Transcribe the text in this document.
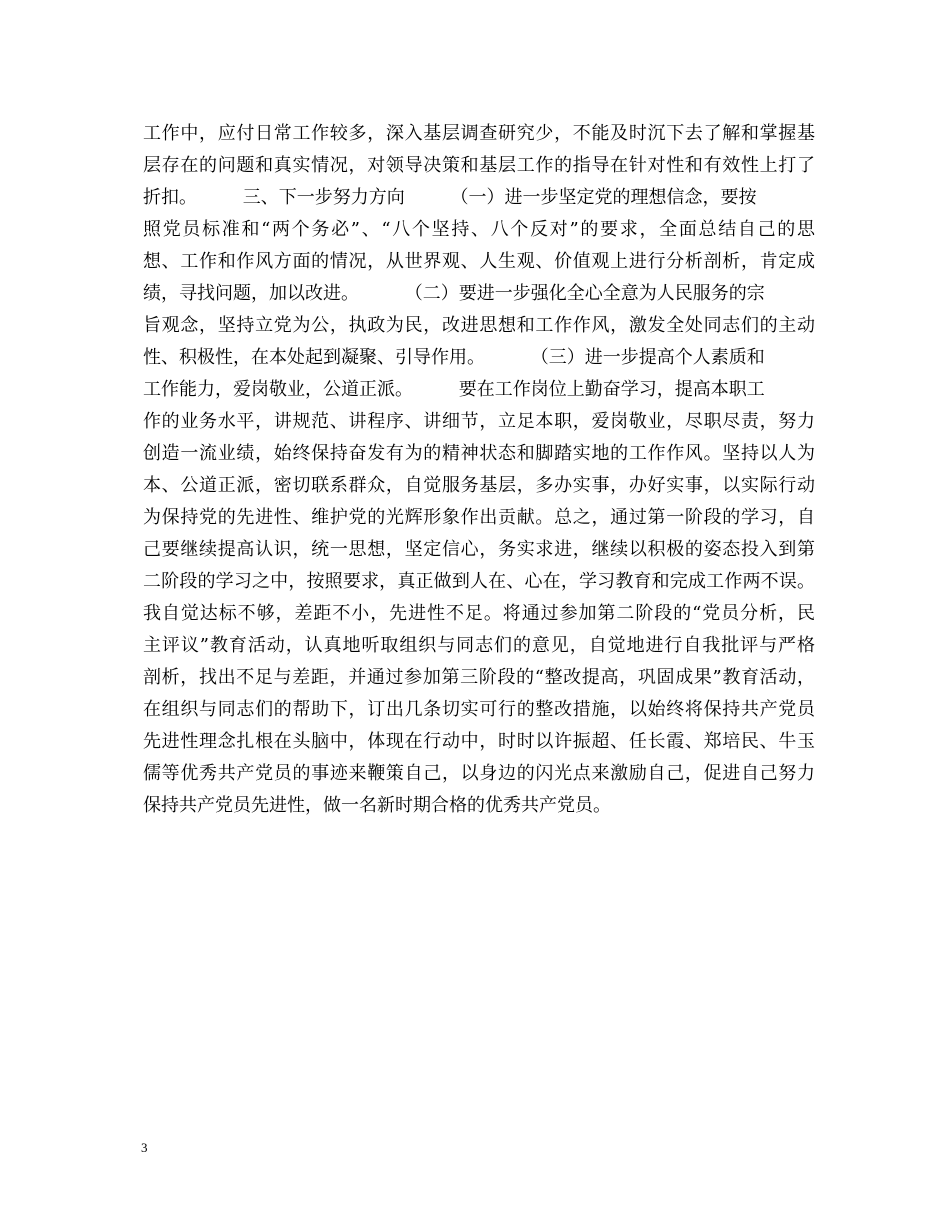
工作中，应付日常工作较多，深入基层调查研究少，不能及时沉下去了解和掌握基
层存在的问题和真实情况，对领导决策和基层工作的指导在针对性和有效性上打了
折扣。        三、下一步努力方向        （一）进一步坚定党的理想信念，要按
照党员标准和“两个务必”、“八个坚持、八个反对”的要求，全面总结自己的思
想、工作和作风方面的情况，从世界观、人生观、价值观上进行分析剖析，肯定成
绩，寻找问题，加以改进。        （二）要进一步强化全心全意为人民服务的宗
旨观念，坚持立党为公，执政为民，改进思想和工作作风，激发全处同志们的主动
性、积极性，在本处起到凝聚、引导作用。        （三）进一步提高个人素质和
工作能力，爱岗敬业，公道正派。        要在工作岗位上勤奋学习，提高本职工
作的业务水平，讲规范、讲程序、讲细节，立足本职，爱岗敬业，尽职尽责，努力
创造一流业绩，始终保持奋发有为的精神状态和脚踏实地的工作作风。坚持以人为
本、公道正派，密切联系群众，自觉服务基层，多办实事，办好实事，以实际行动
为保持党的先进性、维护党的光辉形象作出贡献。总之，通过第一阶段的学习，自
己要继续提高认识，统一思想，坚定信心，务实求进，继续以积极的姿态投入到第
二阶段的学习之中，按照要求，真正做到人在、心在，学习教育和完成工作两不误。
我自觉达标不够，差距不小，先进性不足。将通过参加第二阶段的“党员分析，民
主评议”教育活动，认真地听取组织与同志们的意见，自觉地进行自我批评与严格
剖析，找出不足与差距，并通过参加第三阶段的“整改提高，巩固成果”教育活动，
在组织与同志们的帮助下，订出几条切实可行的整改措施，以始终将保持共产党员
先进性理念扎根在头脑中，体现在行动中，时时以许振超、任长霞、郑培民、牛玉
儒等优秀共产党员的事迹来鞭策自己，以身边的闪光点来激励自己，促进自己努力
保持共产党员先进性，做一名新时期合格的优秀共产党员。
3
